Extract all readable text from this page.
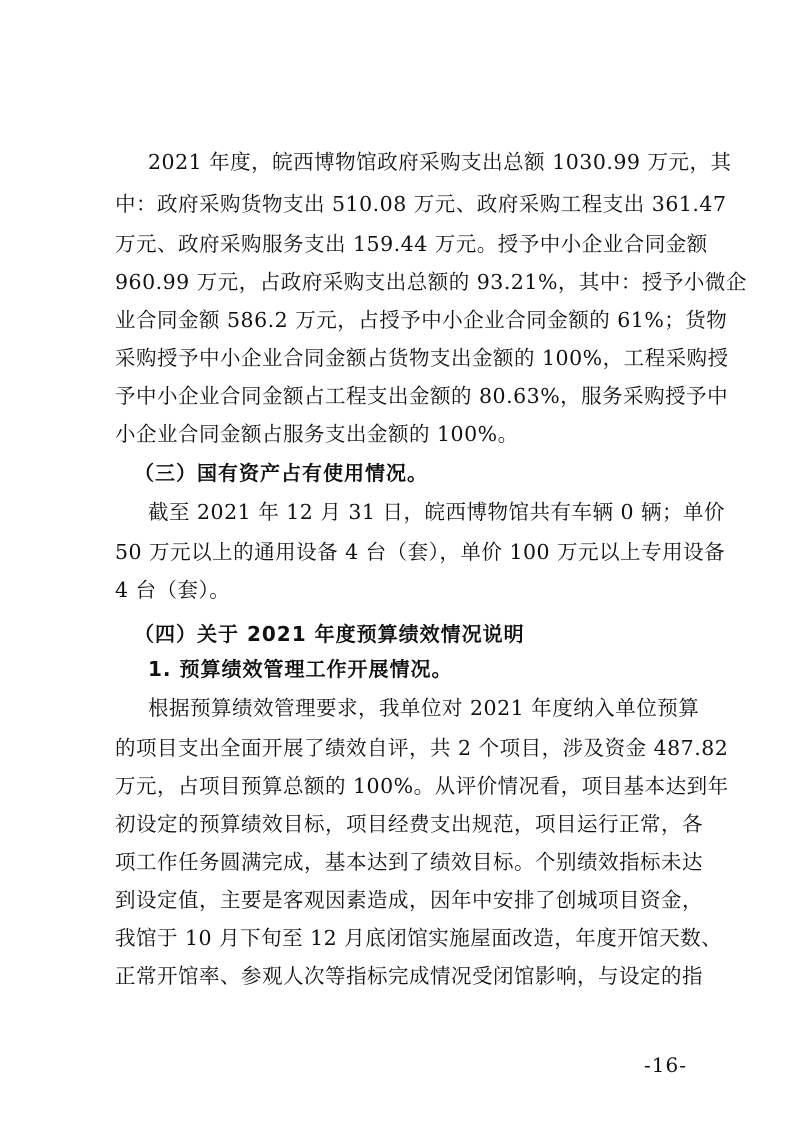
2021 年度，皖西博物馆政府采购支出总额 1030.99 万元，其
中：政府采购货物支出 510.08 万元、政府采购工程支出 361.47
万元、政府采购服务支出 159.44 万元。授予中小企业合同金额
960.99 万元，占政府采购支出总额的 93.21%，其中：授予小微企
业合同金额 586.2 万元，占授予中小企业合同金额的 61%；货物
采购授予中小企业合同金额占货物支出金额的 100%，工程采购授
予中小企业合同金额占工程支出金额的 80.63%，服务采购授予中
小企业合同金额占服务支出金额的 100%。
（三）国有资产占有使用情况。
截至 2021 年 12 月 31 日，皖西博物馆共有车辆 0 辆；单价
50 万元以上的通用设备 4 台（套），单价 100 万元以上专用设备
4 台（套）。
（四）关于 2021 年度预算绩效情况说明
1. 预算绩效管理工作开展情况。
根据预算绩效管理要求，我单位对 2021 年度纳入单位预算
的项目支出全面开展了绩效自评，共 2 个项目，涉及资金 487.82
万元，占项目预算总额的 100%。从评价情况看，项目基本达到年
初设定的预算绩效目标，项目经费支出规范，项目运行正常，各
项工作任务圆满完成，基本达到了绩效目标。个别绩效指标未达
到设定值，主要是客观因素造成，因年中安排了创城项目资金，
我馆于 10 月下旬至 12 月底闭馆实施屋面改造，年度开馆天数、
正常开馆率、参观人次等指标完成情况受闭馆影响，与设定的指
-16-
